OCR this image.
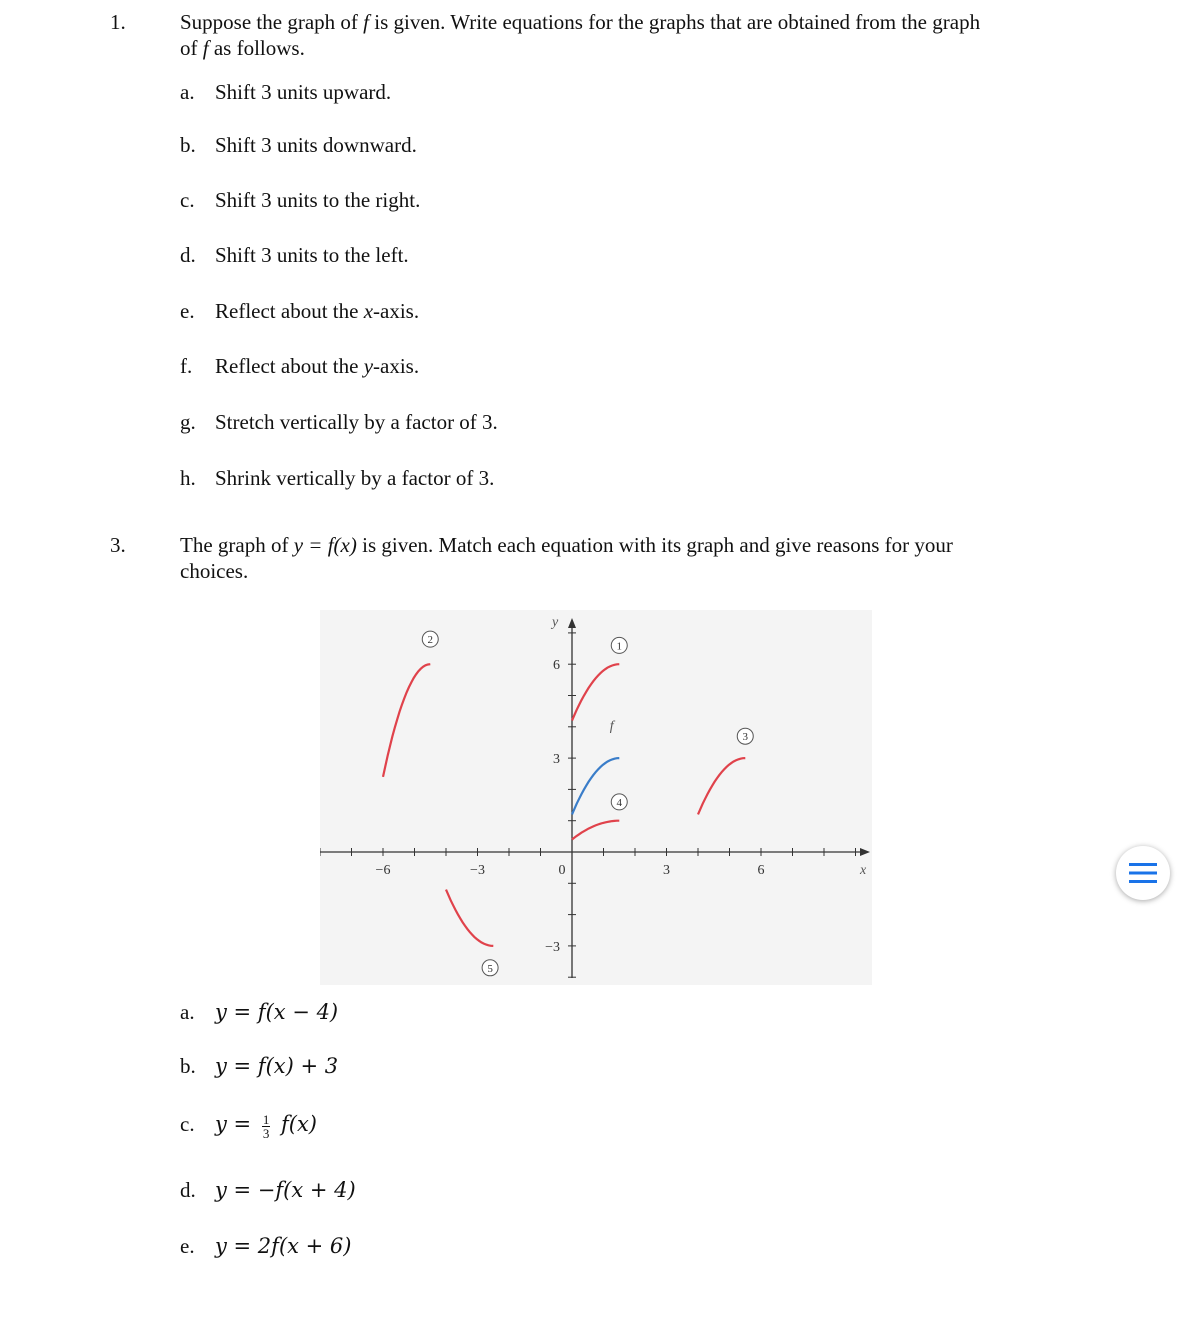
1.	Suppose the graph of f is given. Write equations for the graphs that are obtained from the graph
of f as follows.
a. Shift 3 units upward.
b. Shift 3 units downward.
c. Shift 3 units to the right.
d. Shift 3 units to the left.
e. Reflect about the x-axis.
f. Reflect about the y-axis.
g. Stretch vertically by a factor of 3.
h. Shrink vertically by a factor of 3.
3.	The graph of y = f(x) is given. Match each equation with its graph and give reasons for your
choices.
−6	−3	0	3	6
6
3
−3
x
y
f
1
2
3
4
5
a. y = f(x − 4)
b. y = f(x) + 3
c. $y = \frac{1}{3} f(x)$
d. y = −f(x + 4)
e. y = 2f(x + 6)
